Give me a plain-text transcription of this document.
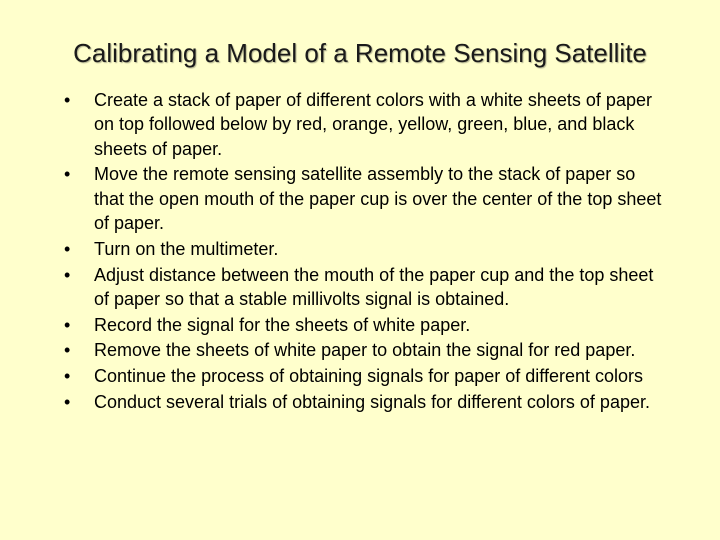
Calibrating a Model of a Remote Sensing Satellite
•	Create a stack of paper of different colors with a white sheets of paper on top followed below by red, orange, yellow, green, blue, and black sheets of paper.
•	Move the remote sensing satellite assembly to the stack of paper so that the open mouth of the paper cup is over the center of the top sheet of paper.
•	Turn on the multimeter.
•	Adjust distance between the mouth of the paper cup and the top sheet of paper so that a stable millivolts signal is obtained.
•	Record the signal for the sheets of white paper.
•	Remove the sheets of white paper to obtain the signal for red paper.
•	Continue the process of obtaining signals for paper of different colors
•	Conduct several trials of obtaining signals for different colors of paper.
